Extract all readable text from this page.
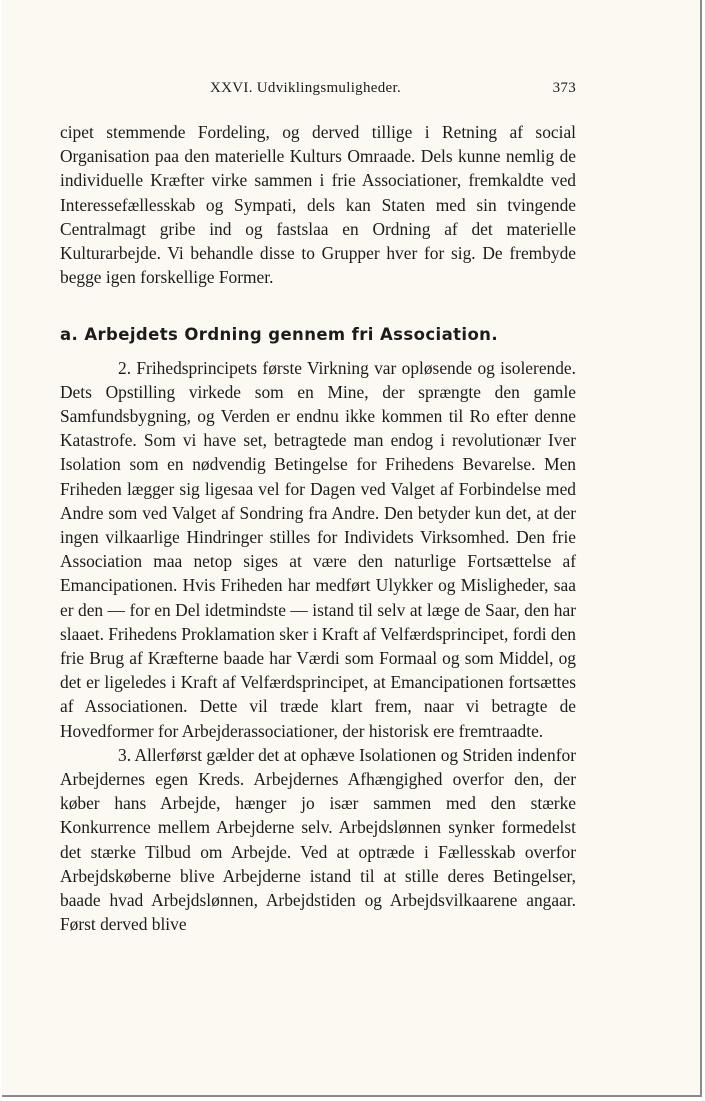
XXVI. Udviklingsmuligheder.	373

cipet stemmende Fordeling, og derved tillige i Retning af social Organisation paa den materielle Kulturs Omraade. Dels kunne nemlig de individuelle Kræfter virke sammen i frie Associationer, fremkaldte ved Interessefællesskab og Sympati, dels kan Staten med sin tvingende Centralmagt gribe ind og fastslaa en Ordning af det materielle Kulturarbejde. Vi behandle disse to Grupper hver for sig. De frembyde begge igen forskellige Former.

a. Arbejdets Ordning gennem fri Association.

2. Frihedsprincipets første Virkning var opløsende og isolerende. Dets Opstilling virkede som en Mine, der sprængte den gamle Samfundsbygning, og Verden er endnu ikke kommen til Ro efter denne Katastrofe. Som vi have set, betragtede man endog i revolutionær Iver Isolation som en nødvendig Betingelse for Frihedens Bevarelse. Men Friheden lægger sig ligesaa vel for Dagen ved Valget af Forbindelse med Andre som ved Valget af Sondring fra Andre. Den betyder kun det, at der ingen vilkaarlige Hindringer stilles for Individets Virksomhed. Den frie Association maa netop siges at være den naturlige Fortsættelse af Emancipationen. Hvis Friheden har medført Ulykker og Misligheder, saa er den — for en Del idetmindste — istand til selv at læge de Saar, den har slaaet. Frihedens Proklamation sker i Kraft af Velfærdsprincipet, fordi den frie Brug af Kræfterne baade har Værdi som Formaal og som Middel, og det er ligeledes i Kraft af Velfærdsprincipet, at Emancipationen fortsættes af Associationen. Dette vil træde klart frem, naar vi betragte de Hovedformer for Arbejderassociationer, der historisk ere fremtraadte.

3. Allerførst gælder det at ophæve Isolationen og Striden indenfor Arbejdernes egen Kreds. Arbejdernes Afhængighed overfor den, der køber hans Arbejde, hænger jo især sammen med den stærke Konkurrence mellem Arbejderne selv. Arbejdslønnen synker formedelst det stærke Tilbud om Arbejde. Ved at optræde i Fællesskab overfor Arbejdskøberne blive Arbejderne istand til at stille deres Betingelser, baade hvad Arbejdslønnen, Arbejdstiden og Arbejdsvilkaarene angaar. Først derved blive
